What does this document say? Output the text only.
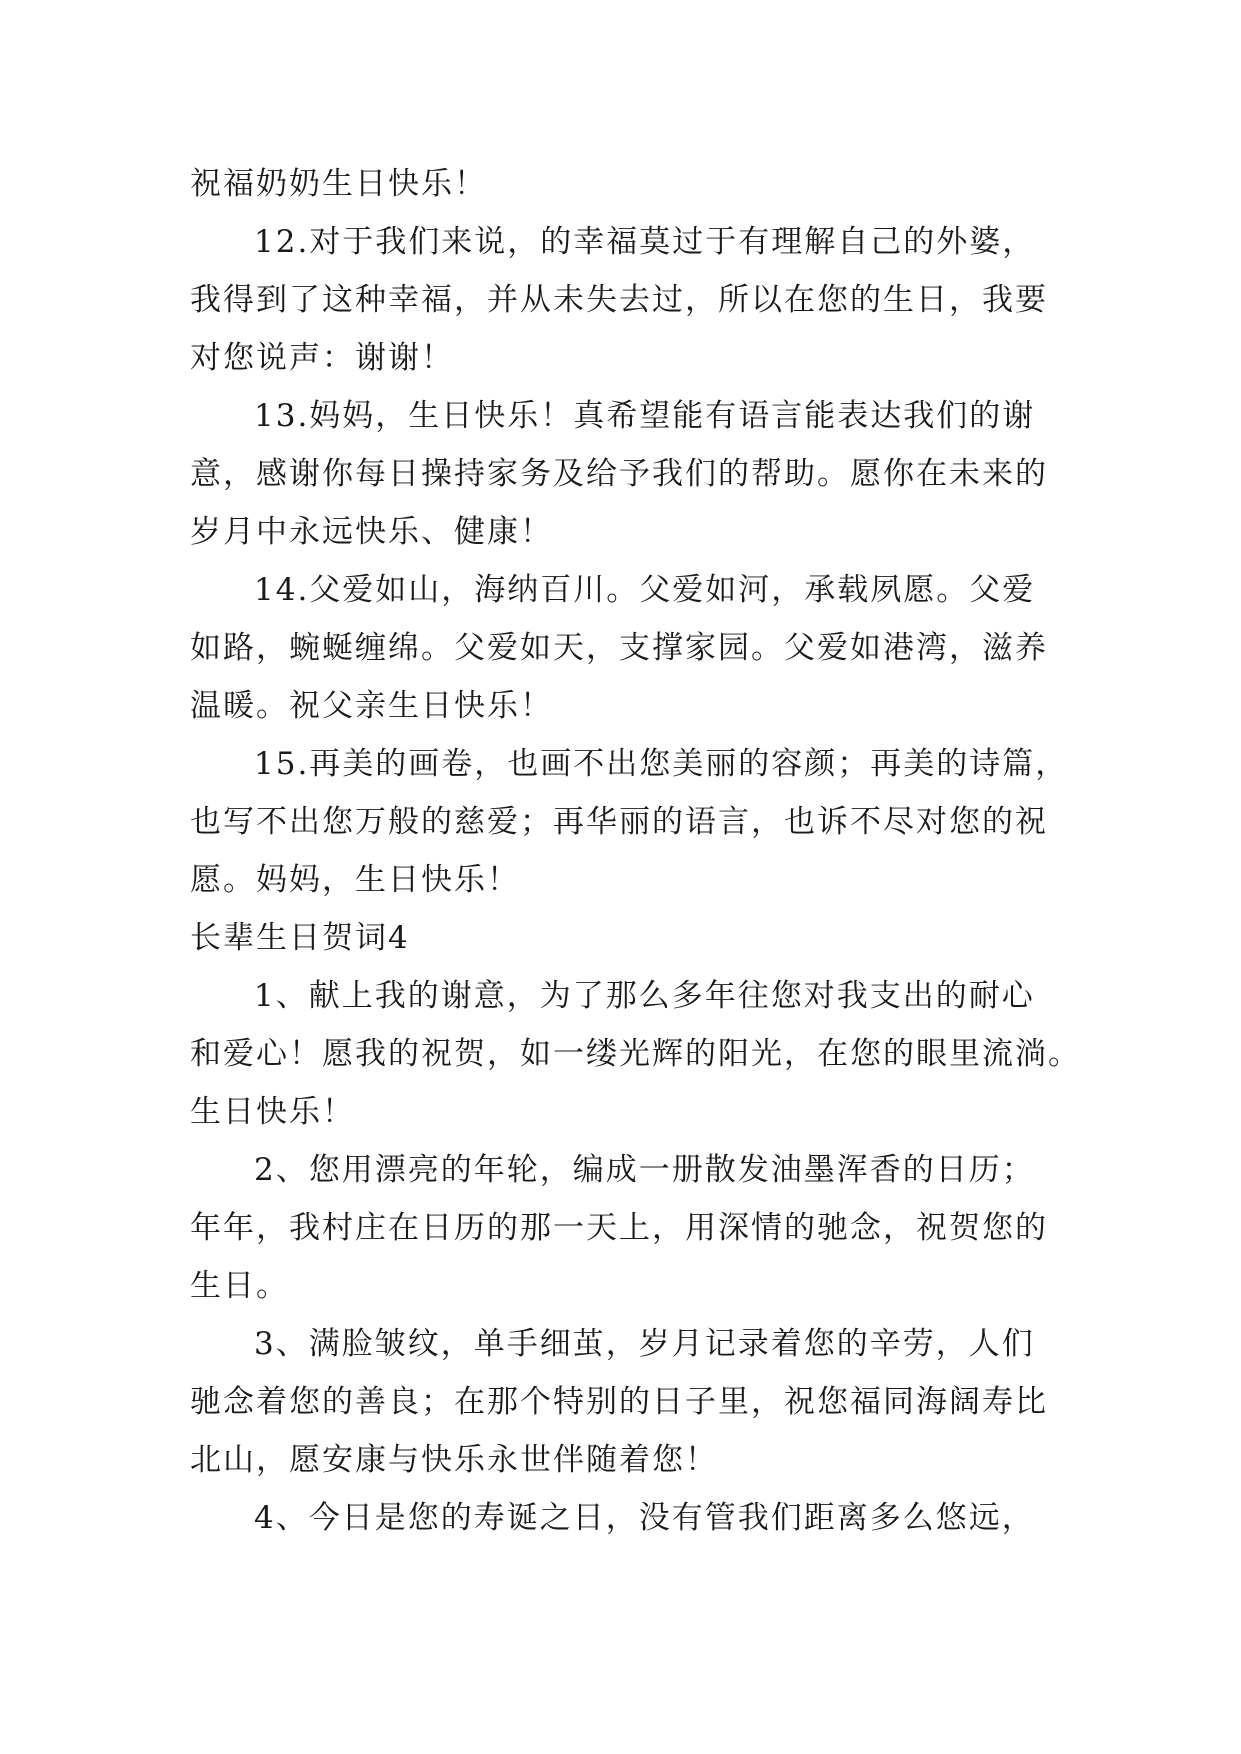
祝福奶奶生日快乐！
12.对于我们来说，的幸福莫过于有理解自己的外婆，
我得到了这种幸福，并从未失去过，所以在您的生日，我要
对您说声：谢谢！
13.妈妈，生日快乐！真希望能有语言能表达我们的谢
意，感谢你每日操持家务及给予我们的帮助。愿你在未来的
岁月中永远快乐、健康！
14.父爱如山，海纳百川。父爱如河，承载夙愿。父爱
如路，蜿蜒缠绵。父爱如天，支撑家园。父爱如港湾，滋养
温暖。祝父亲生日快乐！
15.再美的画卷，也画不出您美丽的容颜；再美的诗篇，
也写不出您万般的慈爱；再华丽的语言，也诉不尽对您的祝
愿。妈妈，生日快乐！
长辈生日贺词4
1、献上我的谢意，为了那么多年往您对我支出的耐心
和爱心！愿我的祝贺，如一缕光辉的阳光，在您的眼里流淌。
生日快乐！
2、您用漂亮的年轮，编成一册散发油墨浑香的日历；
年年，我村庄在日历的那一天上，用深情的驰念，祝贺您的
生日。
3、满脸皱纹，单手细茧，岁月记录着您的辛劳，人们
驰念着您的善良；在那个特别的日子里，祝您福同海阔寿比
北山，愿安康与快乐永世伴随着您！
4、今日是您的寿诞之日，没有管我们距离多么悠远，
